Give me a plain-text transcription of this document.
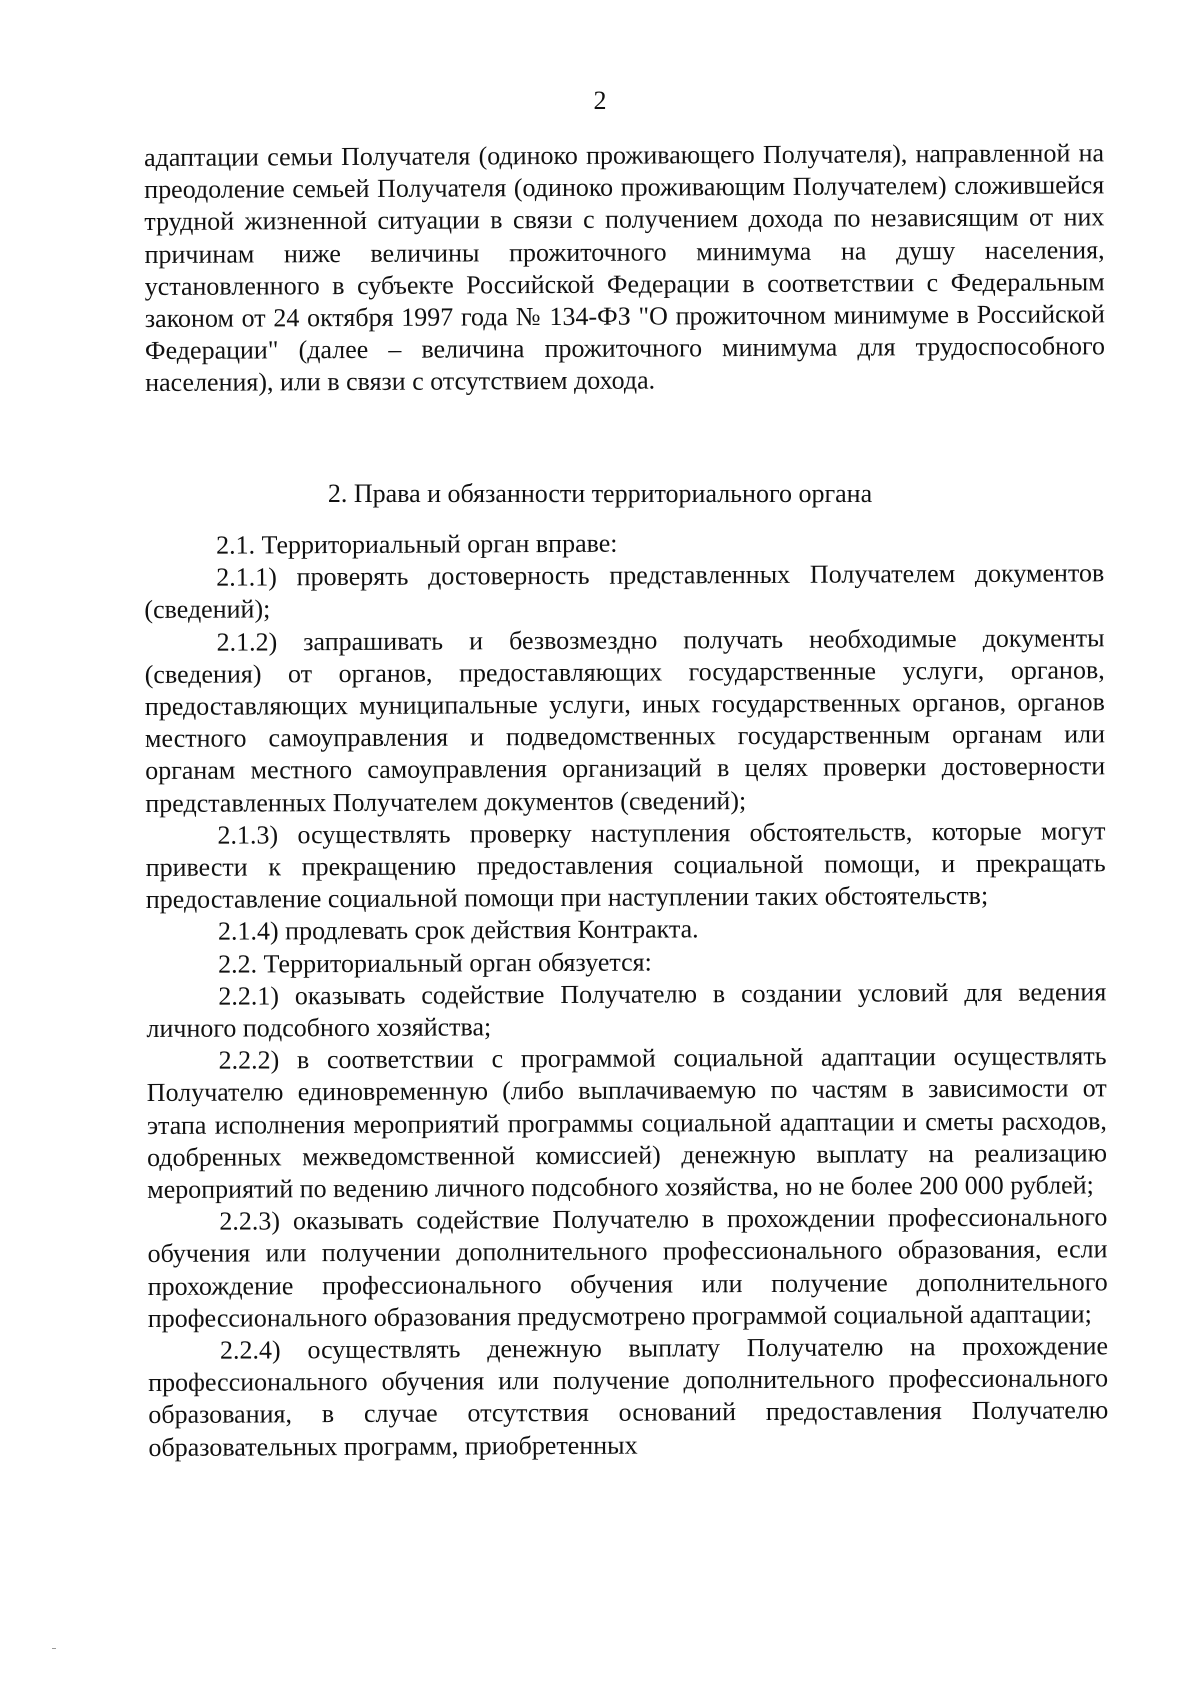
2

адаптации семьи Получателя (одиноко проживающего Получателя), направленной на преодоление семьей Получателя (одиноко проживающим Получателем) сложившейся трудной жизненной ситуации в связи с получением дохода по независящим от них причинам ниже величины прожиточного минимума на душу населения, установленного в субъекте Российской Федерации в соответствии с Федеральным законом от 24 октября 1997 года № 134-ФЗ "О прожиточном минимуме в Российской Федерации" (далее – величина прожиточного минимума для трудоспособного населения), или в связи с отсутствием дохода.

2. Права и обязанности территориального органа

2.1. Территориальный орган вправе:

2.1.1) проверять достоверность представленных Получателем документов (сведений);

2.1.2) запрашивать и безвозмездно получать необходимые документы (сведения) от органов, предоставляющих государственные услуги, органов, предоставляющих муниципальные услуги, иных государственных органов, органов местного самоуправления и подведомственных государственным органам или органам местного самоуправления организаций в целях проверки достоверности представленных Получателем документов (сведений);

2.1.3) осуществлять проверку наступления обстоятельств, которые могут привести к прекращению предоставления социальной помощи, и прекращать предоставление социальной помощи при наступлении таких обстоятельств;

2.1.4) продлевать срок действия Контракта.

2.2. Территориальный орган обязуется:

2.2.1) оказывать содействие Получателю в создании условий для ведения личного подсобного хозяйства;

2.2.2) в соответствии с программой социальной адаптации осуществлять Получателю единовременную (либо выплачиваемую по частям в зависимости от этапа исполнения мероприятий программы социальной адаптации и сметы расходов, одобренных межведомственной комиссией) денежную выплату на реализацию мероприятий по ведению личного подсобного хозяйства, но не более 200 000 рублей;

2.2.3) оказывать содействие Получателю в прохождении профессионального обучения или получении дополнительного профессионального образования, если прохождение профессионального обучения или получение дополнительного профессионального образования предусмотрено программой социальной адаптации;

2.2.4) осуществлять денежную выплату Получателю на прохождение профессионального обучения или получение дополнительного профессионального образования, в случае отсутствия оснований предоставления Получателю образовательных программ, приобретенных
